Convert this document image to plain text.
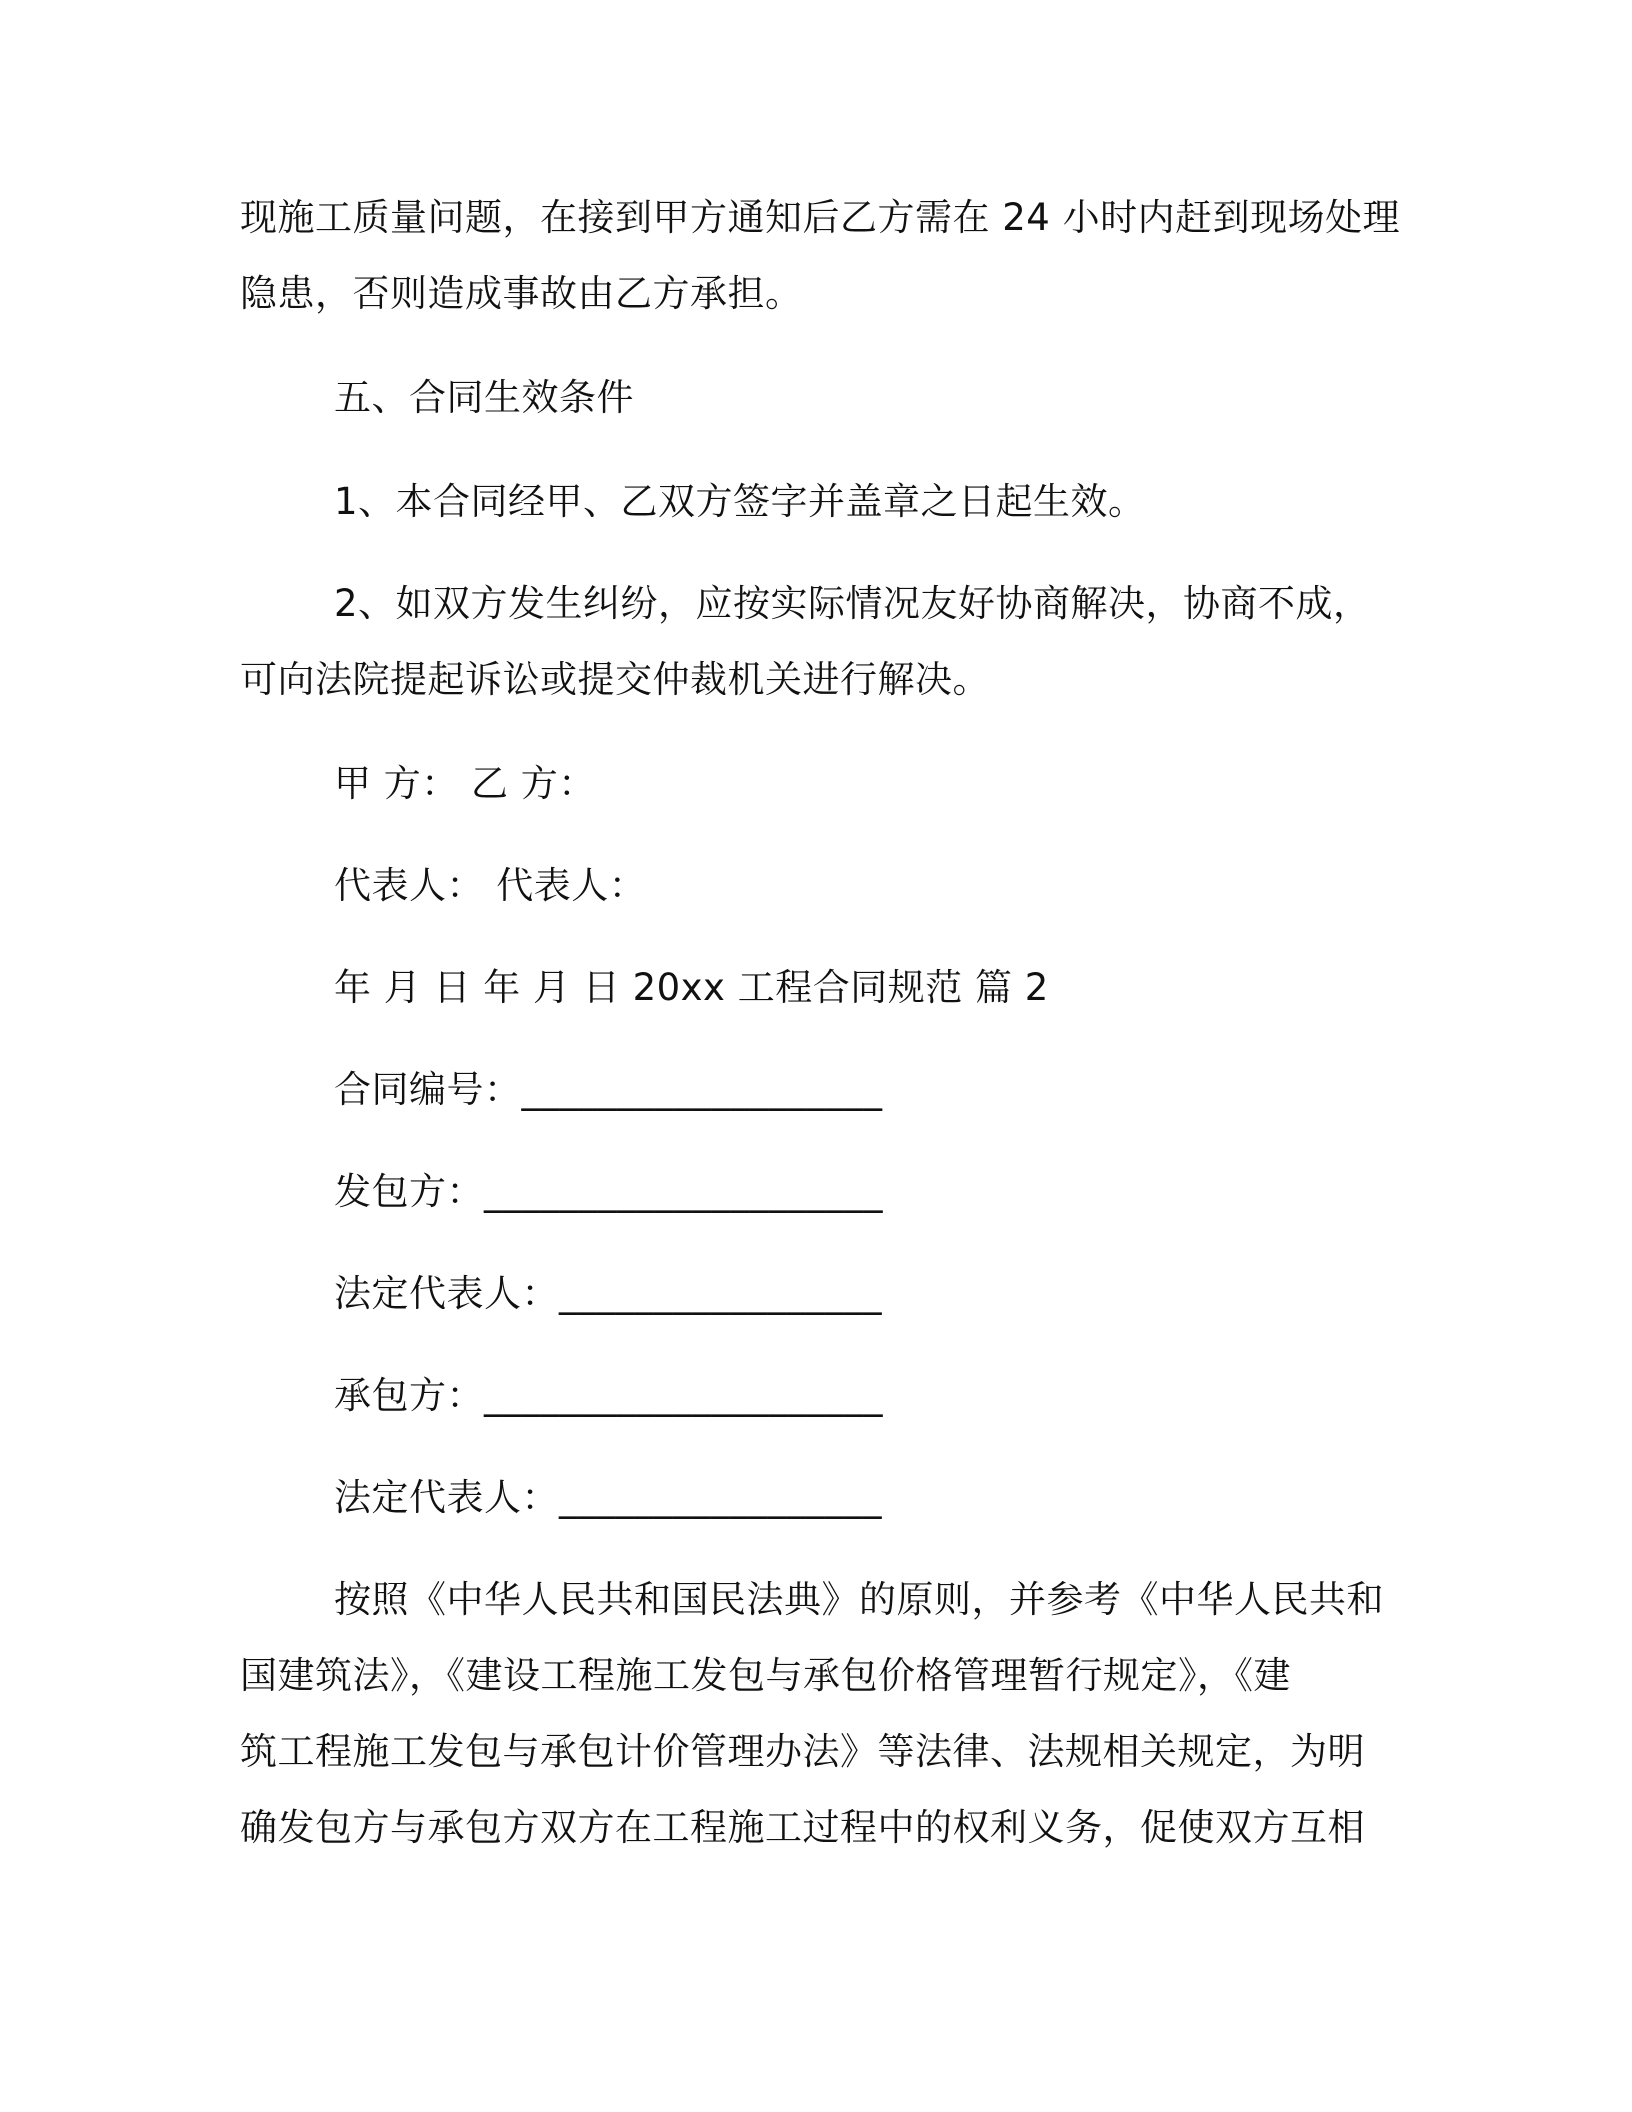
现施工质量问题，在接到甲方通知后乙方需在 24 小时内赶到现场处理
隐患，否则造成事故由乙方承担。
五、合同生效条件
1、本合同经甲、乙双方签字并盖章之日起生效。
2、如双方发生纠纷，应按实际情况友好协商解决，协商不成，
可向法院提起诉讼或提交仲裁机关进行解决。
甲 方： 乙 方：
代表人： 代表人：
年 月 日 年 月 日 20xx 工程合同规范 篇 2
合同编号：___________________
发包方：_____________________
法定代表人：_________________
承包方：_____________________
法定代表人：_________________
按照《中华人民共和国民法典》的原则，并参考《中华人民共和
国建筑法》，《建设工程施工发包与承包价格管理暂行规定》，《建
筑工程施工发包与承包计价管理办法》等法律、法规相关规定，为明
确发包方与承包方双方在工程施工过程中的权利义务，促使双方互相
